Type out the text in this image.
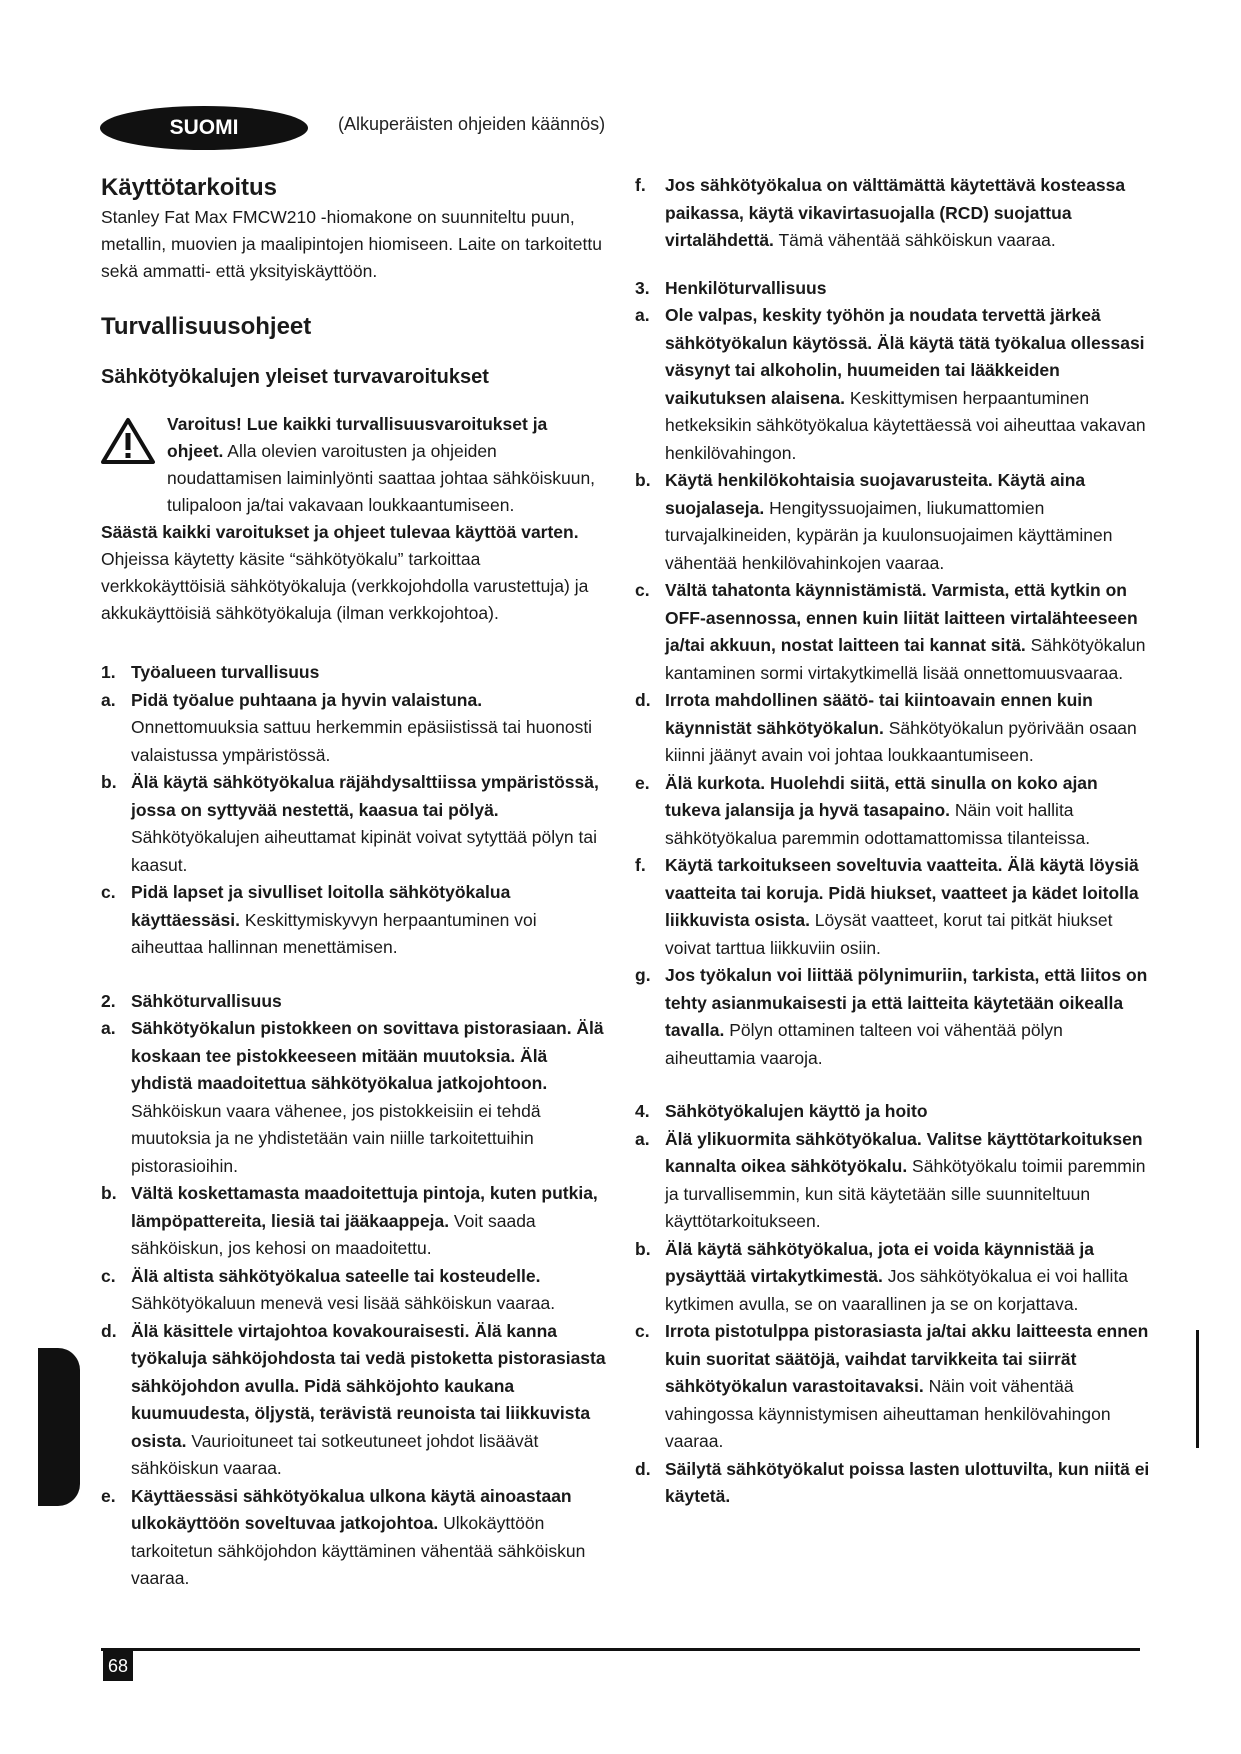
SUOMI	(Alkuperäisten ohjeiden käännös)
Käyttötarkoitus
Stanley Fat Max FMCW210 -hiomakone on suunniteltu puun, metallin, muovien ja maalipintojen hiomiseen. Laite on tarkoitettu sekä ammatti- että yksityiskäyttöön.
Turvallisuusohjeet
Sähkötyökalujen yleiset turvavaroitukset
Varoitus! Lue kaikki turvallisuusvaroitukset ja ohjeet. Alla olevien varoitusten ja ohjeiden noudattamisen laiminlyönti saattaa johtaa sähköiskuun, tulipaloon ja/tai vakavaan loukkaantumiseen.
Säästä kaikki varoitukset ja ohjeet tulevaa käyttöä varten.
Ohjeissa käytetty käsite “sähkötyökalu” tarkoittaa verkkokäyttöisiä sähkötyökaluja (verkkojohdolla varustettuja) ja akkukäyttöisiä sähkötyökaluja (ilman verkkojohtoa).
1. Työalueen turvallisuus
a. Pidä työalue puhtaana ja hyvin valaistuna. Onnettomuuksia sattuu herkemmin epäsiistissä tai huonosti valaistussa ympäristössä.
b. Älä käytä sähkötyökalua räjähdysalttiissa ympäristössä, jossa on syttyvää nestettä, kaasua tai pölyä. Sähkötyökalujen aiheuttamat kipinät voivat sytyttää pölyn tai kaasut.
c. Pidä lapset ja sivulliset loitolla sähkötyökalua käyttäessäsi. Keskittymiskyvyn herpaantuminen voi aiheuttaa hallinnan menettämisen.
2. Sähköturvallisuus
a. Sähkötyökalun pistokkeen on sovittava pistorasiaan. Älä koskaan tee pistokkeeseen mitään muutoksia. Älä yhdistä maadoitettua sähkötyökalua jatkojohtoon. Sähköiskun vaara vähenee, jos pistokkeisiin ei tehdä muutoksia ja ne yhdistetään vain niille tarkoitettuihin pistorasioihin.
b. Vältä koskettamasta maadoitettuja pintoja, kuten putkia, lämpöpattereita, liesiä tai jääkaappeja. Voit saada sähköiskun, jos kehosi on maadoitettu.
c. Älä altista sähkötyökalua sateelle tai kosteudelle. Sähkötyökaluun menevä vesi lisää sähköiskun vaaraa.
d. Älä käsittele virtajohtoa kovakouraisesti. Älä kanna työkaluja sähköjohdosta tai vedä pistoketta pistorasiasta sähköjohdon avulla. Pidä sähköjohto kaukana kuumuudesta, öljystä, terävistä reunoista tai liikkuvista osista. Vaurioituneet tai sotkeutuneet johdot lisäävät sähköiskun vaaraa.
e. Käyttäessäsi sähkötyökalua ulkona käytä ainoastaan ulkokäyttöön soveltuvaa jatkojohtoa. Ulkokäyttöön tarkoitetun sähköjohdon käyttäminen vähentää sähköiskun vaaraa.
f. Jos sähkötyökalua on välttämättä käytettävä kosteassa paikassa, käytä vikavirtasuojalla (RCD) suojattua virtalähdettä. Tämä vähentää sähköiskun vaaraa.
3. Henkilöturvallisuus
a. Ole valpas, keskity työhön ja noudata tervettä järkeä sähkötyökalun käytössä. Älä käytä tätä työkalua ollessasi väsynyt tai alkoholin, huumeiden tai lääkkeiden vaikutuksen alaisena. Keskittymisen herpaantuminen hetkeksikin sähkötyökalua käytettäessä voi aiheuttaa vakavan henkilövahingon.
b. Käytä henkilökohtaisia suojavarusteita. Käytä aina suojalaseja. Hengityssuojaimen, liukumattomien turvajalkineiden, kypärän ja kuulonsuojaimen käyttäminen vähentää henkilövahinkojen vaaraa.
c. Vältä tahatonta käynnistämistä. Varmista, että kytkin on OFF-asennossa, ennen kuin liität laitteen virtalähteeseen ja/tai akkuun, nostat laitteen tai kannat sitä. Sähkötyökalun kantaminen sormi virtakytkimellä lisää onnettomuusvaaraa.
d. Irrota mahdollinen säätö- tai kiintoavain ennen kuin käynnistät sähkötyökalun. Sähkötyökalun pyörivään osaan kiinni jäänyt avain voi johtaa loukkaantumiseen.
e. Älä kurkota. Huolehdi siitä, että sinulla on koko ajan tukeva jalansija ja hyvä tasapaino. Näin voit hallita sähkötyökalua paremmin odottamattomissa tilanteissa.
f. Käytä tarkoitukseen soveltuvia vaatteita. Älä käytä löysiä vaatteita tai koruja. Pidä hiukset, vaatteet ja kädet loitolla liikkuvista osista. Löysät vaatteet, korut tai pitkät hiukset voivat tarttua liikkuviin osiin.
g. Jos työkalun voi liittää pölynimuriin, tarkista, että liitos on tehty asianmukaisesti ja että laitteita käytetään oikealla tavalla. Pölyn ottaminen talteen voi vähentää pölyn aiheuttamia vaaroja.
4. Sähkötyökalujen käyttö ja hoito
a. Älä ylikuormita sähkötyökalua. Valitse käyttötarkoituksen kannalta oikea sähkötyökalu. Sähkötyökalu toimii paremmin ja turvallisemmin, kun sitä käytetään sille suunniteltuun käyttötarkoitukseen.
b. Älä käytä sähkötyökalua, jota ei voida käynnistää ja pysäyttää virtakytkimestä. Jos sähkötyökalua ei voi hallita kytkimen avulla, se on vaarallinen ja se on korjattava.
c. Irrota pistotulppa pistorasiasta ja/tai akku laitteesta ennen kuin suoritat säätöjä, vaihdat tarvikkeita tai siirrät sähkötyökalun varastoitavaksi. Näin voit vähentää vahingossa käynnistymisen aiheuttaman henkilövahingon vaaraa.
d. Säilytä sähkötyökalut poissa lasten ulottuvilta, kun niitä ei käytetä.
68
